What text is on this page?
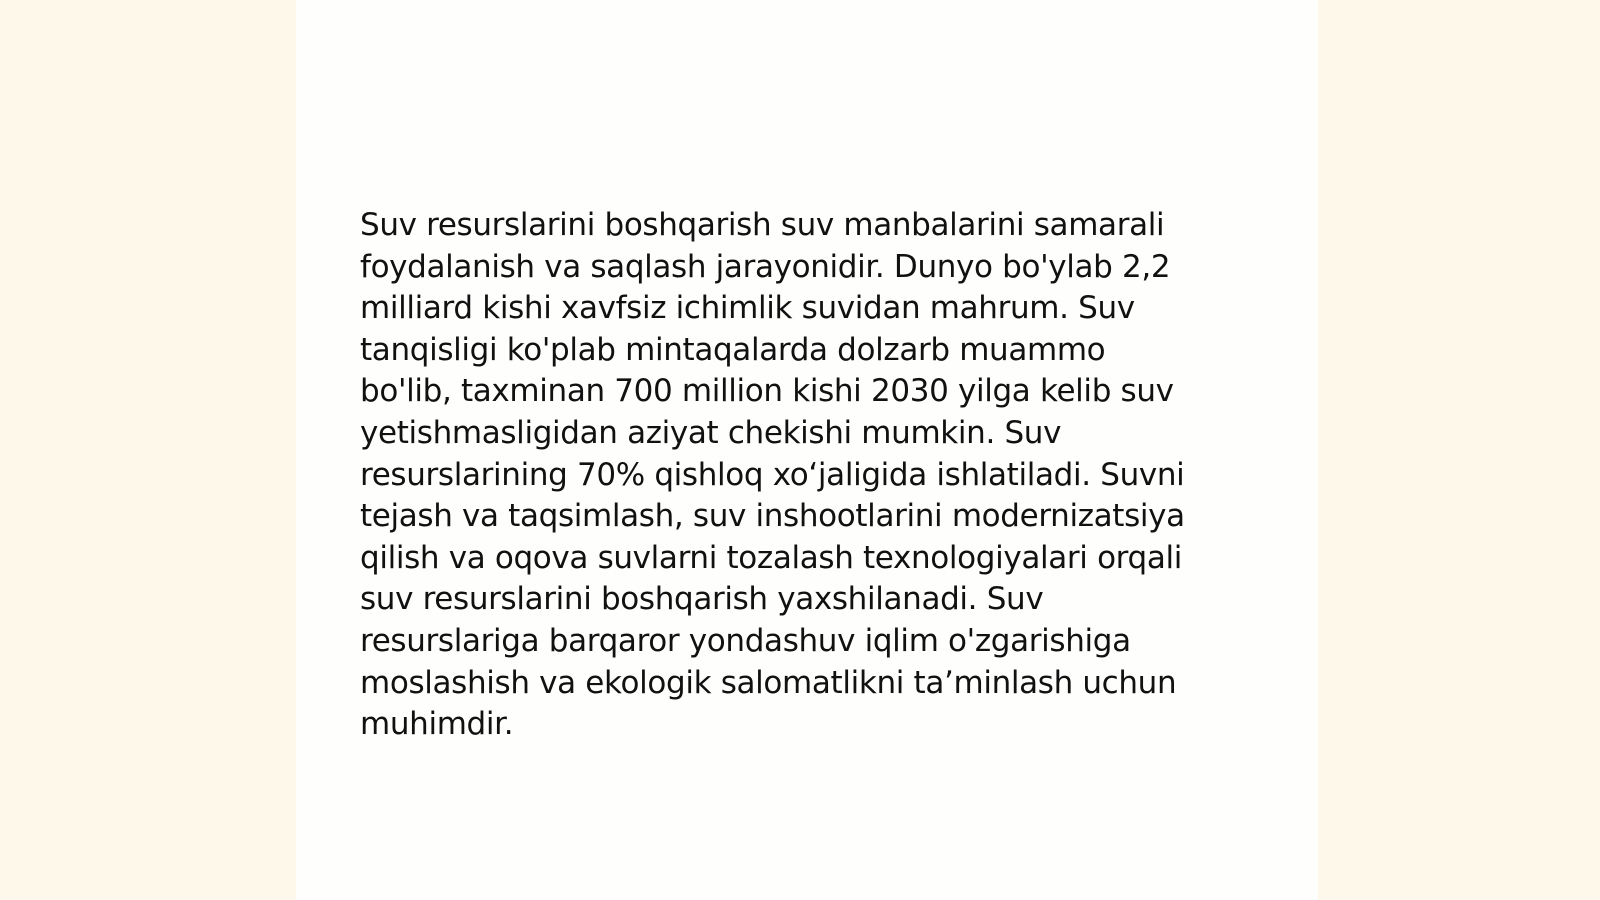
Suv resurslarini boshqarish suv manbalarini samarali
foydalanish va saqlash jarayonidir. Dunyo bo'ylab 2,2
milliard kishi xavfsiz ichimlik suvidan mahrum. Suv
tanqisligi ko'plab mintaqalarda dolzarb muammo
bo'lib, taxminan 700 million kishi 2030 yilga kelib suv
yetishmasligidan aziyat chekishi mumkin. Suv
resurslarining 70% qishloq xo‘jaligida ishlatiladi. Suvni
tejash va taqsimlash, suv inshootlarini modernizatsiya
qilish va oqova suvlarni tozalash texnologiyalari orqali
suv resurslarini boshqarish yaxshilanadi. Suv
resurslariga barqaror yondashuv iqlim o'zgarishiga
moslashish va ekologik salomatlikni ta’minlash uchun
muhimdir.
